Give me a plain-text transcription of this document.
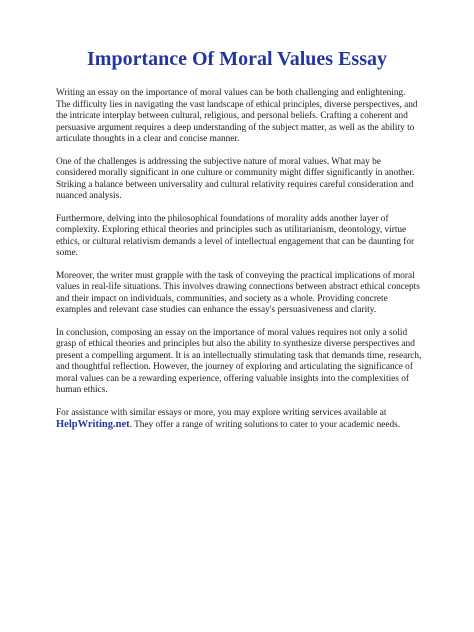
Importance Of Moral Values Essay

Writing an essay on the importance of moral values can be both challenging and enlightening. The difficulty lies in navigating the vast landscape of ethical principles, diverse perspectives, and the intricate interplay between cultural, religious, and personal beliefs. Crafting a coherent and persuasive argument requires a deep understanding of the subject matter, as well as the ability to articulate thoughts in a clear and concise manner.

One of the challenges is addressing the subjective nature of moral values. What may be considered morally significant in one culture or community might differ significantly in another. Striking a balance between universality and cultural relativity requires careful consideration and nuanced analysis.

Furthermore, delving into the philosophical foundations of morality adds another layer of complexity. Exploring ethical theories and principles such as utilitarianism, deontology, virtue ethics, or cultural relativism demands a level of intellectual engagement that can be daunting for some.

Moreover, the writer must grapple with the task of conveying the practical implications of moral values in real-life situations. This involves drawing connections between abstract ethical concepts and their impact on individuals, communities, and society as a whole. Providing concrete examples and relevant case studies can enhance the essay's persuasiveness and clarity.

In conclusion, composing an essay on the importance of moral values requires not only a solid grasp of ethical theories and principles but also the ability to synthesize diverse perspectives and present a compelling argument. It is an intellectually stimulating task that demands time, research, and thoughtful reflection. However, the journey of exploring and articulating the significance of moral values can be a rewarding experience, offering valuable insights into the complexities of human ethics.

For assistance with similar essays or more, you may explore writing services available at HelpWriting.net. They offer a range of writing solutions to cater to your academic needs.
